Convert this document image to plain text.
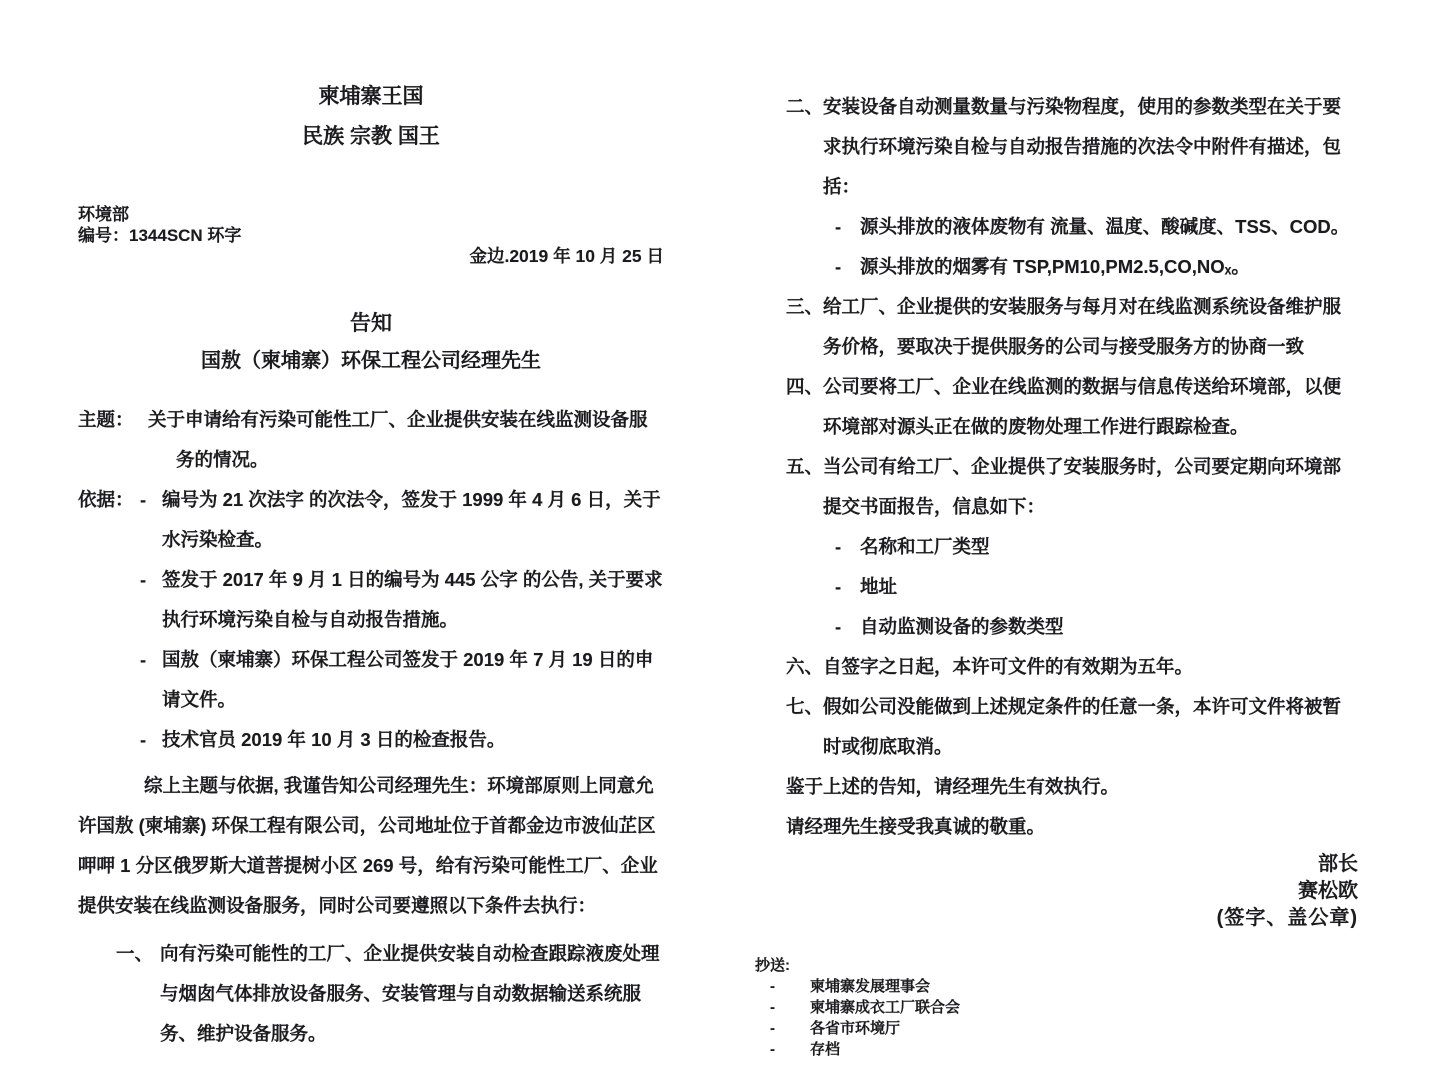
柬埔寨王国
民族 宗教 国王
环境部
编号：1344SCN 环字
金边.2019 年 10 月 25 日
告知
国敖（柬埔寨）环保工程公司经理先生
主题： 关于申请给有污染可能性工厂、企业提供安装在线监测设备服务的情况。
依据： - 编号为 21 次法字 的次法令，签发于 1999 年 4 月 6 日，关于水污染检查。
- 签发于 2017 年 9 月 1 日的编号为 445 公字 的公告, 关于要求执行环境污染自检与自动报告措施。
- 国敖（柬埔寨）环保工程公司签发于 2019 年 7 月 19 日的申请文件。
- 技术官员 2019 年 10 月 3 日的检查报告。

综上主题与依据, 我谨告知公司经理先生：环境部原则上同意允许国敖 (柬埔寨) 环保工程有限公司，公司地址位于首都金边市波仙芷区呷呷 1 分区俄罗斯大道菩提树小区 269 号，给有污染可能性工厂、企业提供安装在线监测设备服务，同时公司要遵照以下条件去执行：

一、 向有污染可能性的工厂、企业提供安装自动检查跟踪液废处理与烟囱气体排放设备服务、安装管理与自动数据输送系统服务、维护设备服务。
二、 安装设备自动测量数量与污染物程度，使用的参数类型在关于要求执行环境污染自检与自动报告措施的次法令中附件有描述，包括：
-	源头排放的液体废物有 流量、温度、酸碱度、TSS、COD。
-	源头排放的烟雾有 TSP,PM10,PM2.5,CO,NOₓ。
三、 给工厂、企业提供的安装服务与每月对在线监测系统设备维护服务价格，要取决于提供服务的公司与接受服务方的协商一致
四、 公司要将工厂、企业在线监测的数据与信息传送给环境部，以便环境部对源头正在做的废物处理工作进行跟踪检查。
五、 当公司有给工厂、企业提供了安装服务时，公司要定期向环境部提交书面报告，信息如下：
-	名称和工厂类型
-	地址
-	自动监测设备的参数类型
六、 自签字之日起，本许可文件的有效期为五年。
七、 假如公司没能做到上述规定条件的任意一条，本许可文件将被暂时或彻底取消。

鉴于上述的告知，请经理先生有效执行。

请经理先生接受我真诚的敬重。

部长
赛松欧
(签字、盖公章)
抄送:
-	柬埔寨发展理事会
-	柬埔寨成衣工厂联合会
-	各省市环境厅
-	存档
